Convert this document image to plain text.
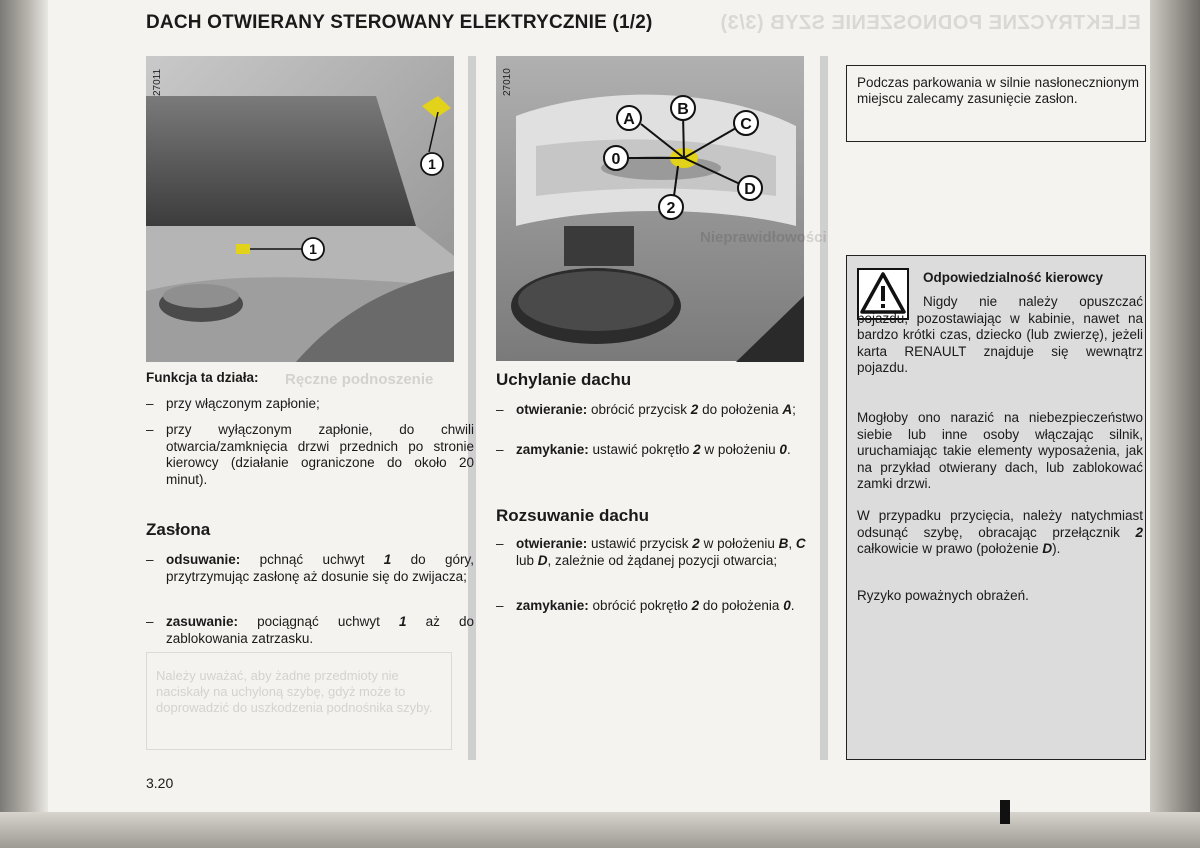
ELEKTRYCZNE PODNOSZENIE SZYB (3/3)
DACH OTWIERANY STEROWANY ELEKTRYCZNIE (1/2)
1
1
27011
A
B
C
0
D
2
27010
Ręczne podnoszenie
Nieprawidłowości
Należy uważać, aby żadne przedmioty nie naciskały na uchyloną szybę, gdyż może to doprowadzić do uszkodzenia podnośnika szyby.
Funkcja ta działa:
– przy włączonym zapłonie;
– przy wyłączonym zapłonie, do chwili otwarcia/zamknięcia drzwi przednich po stronie kierowcy (działanie ograniczone do około 20 minut).
Zasłona
– odsuwanie: pchnąć uchwyt 1 do góry, przytrzymując zasłonę aż dosunie się do zwijacza;
– zasuwanie: pociągnąć uchwyt 1 aż do zablokowania zatrzasku.
Uchylanie dachu
– otwieranie: obrócić przycisk 2 do położenia A;
– zamykanie: ustawić pokrętło 2 w położeniu 0.
Rozsuwanie dachu
– otwieranie: ustawić przycisk 2 w położeniu B, C lub D, zależnie od żądanej pozycji otwarcia;
– zamykanie: obrócić pokrętło 2 do położenia 0.
Podczas parkowania w silnie nasłonecznionym miejscu zalecamy zasunięcie zasłon.
Odpowiedzialność kierowcy
Nigdy nie należy opuszczać pojazdu, pozostawiając w kabinie, nawet na bardzo krótki czas, dziecko (lub zwierzę), jeżeli karta RENAULT znajduje się wewnątrz pojazdu.
Mogłoby ono narazić na niebezpieczeństwo siebie lub inne osoby włączając silnik, uruchamiając takie elementy wyposażenia, jak na przykład otwierany dach, lub zablokować zamki drzwi.
W przypadku przycięcia, należy natychmiast odsunąć szybę, obracając przełącznik 2 całkowicie w prawo (położenie D).
Ryzyko poważnych obrażeń.
3.20
